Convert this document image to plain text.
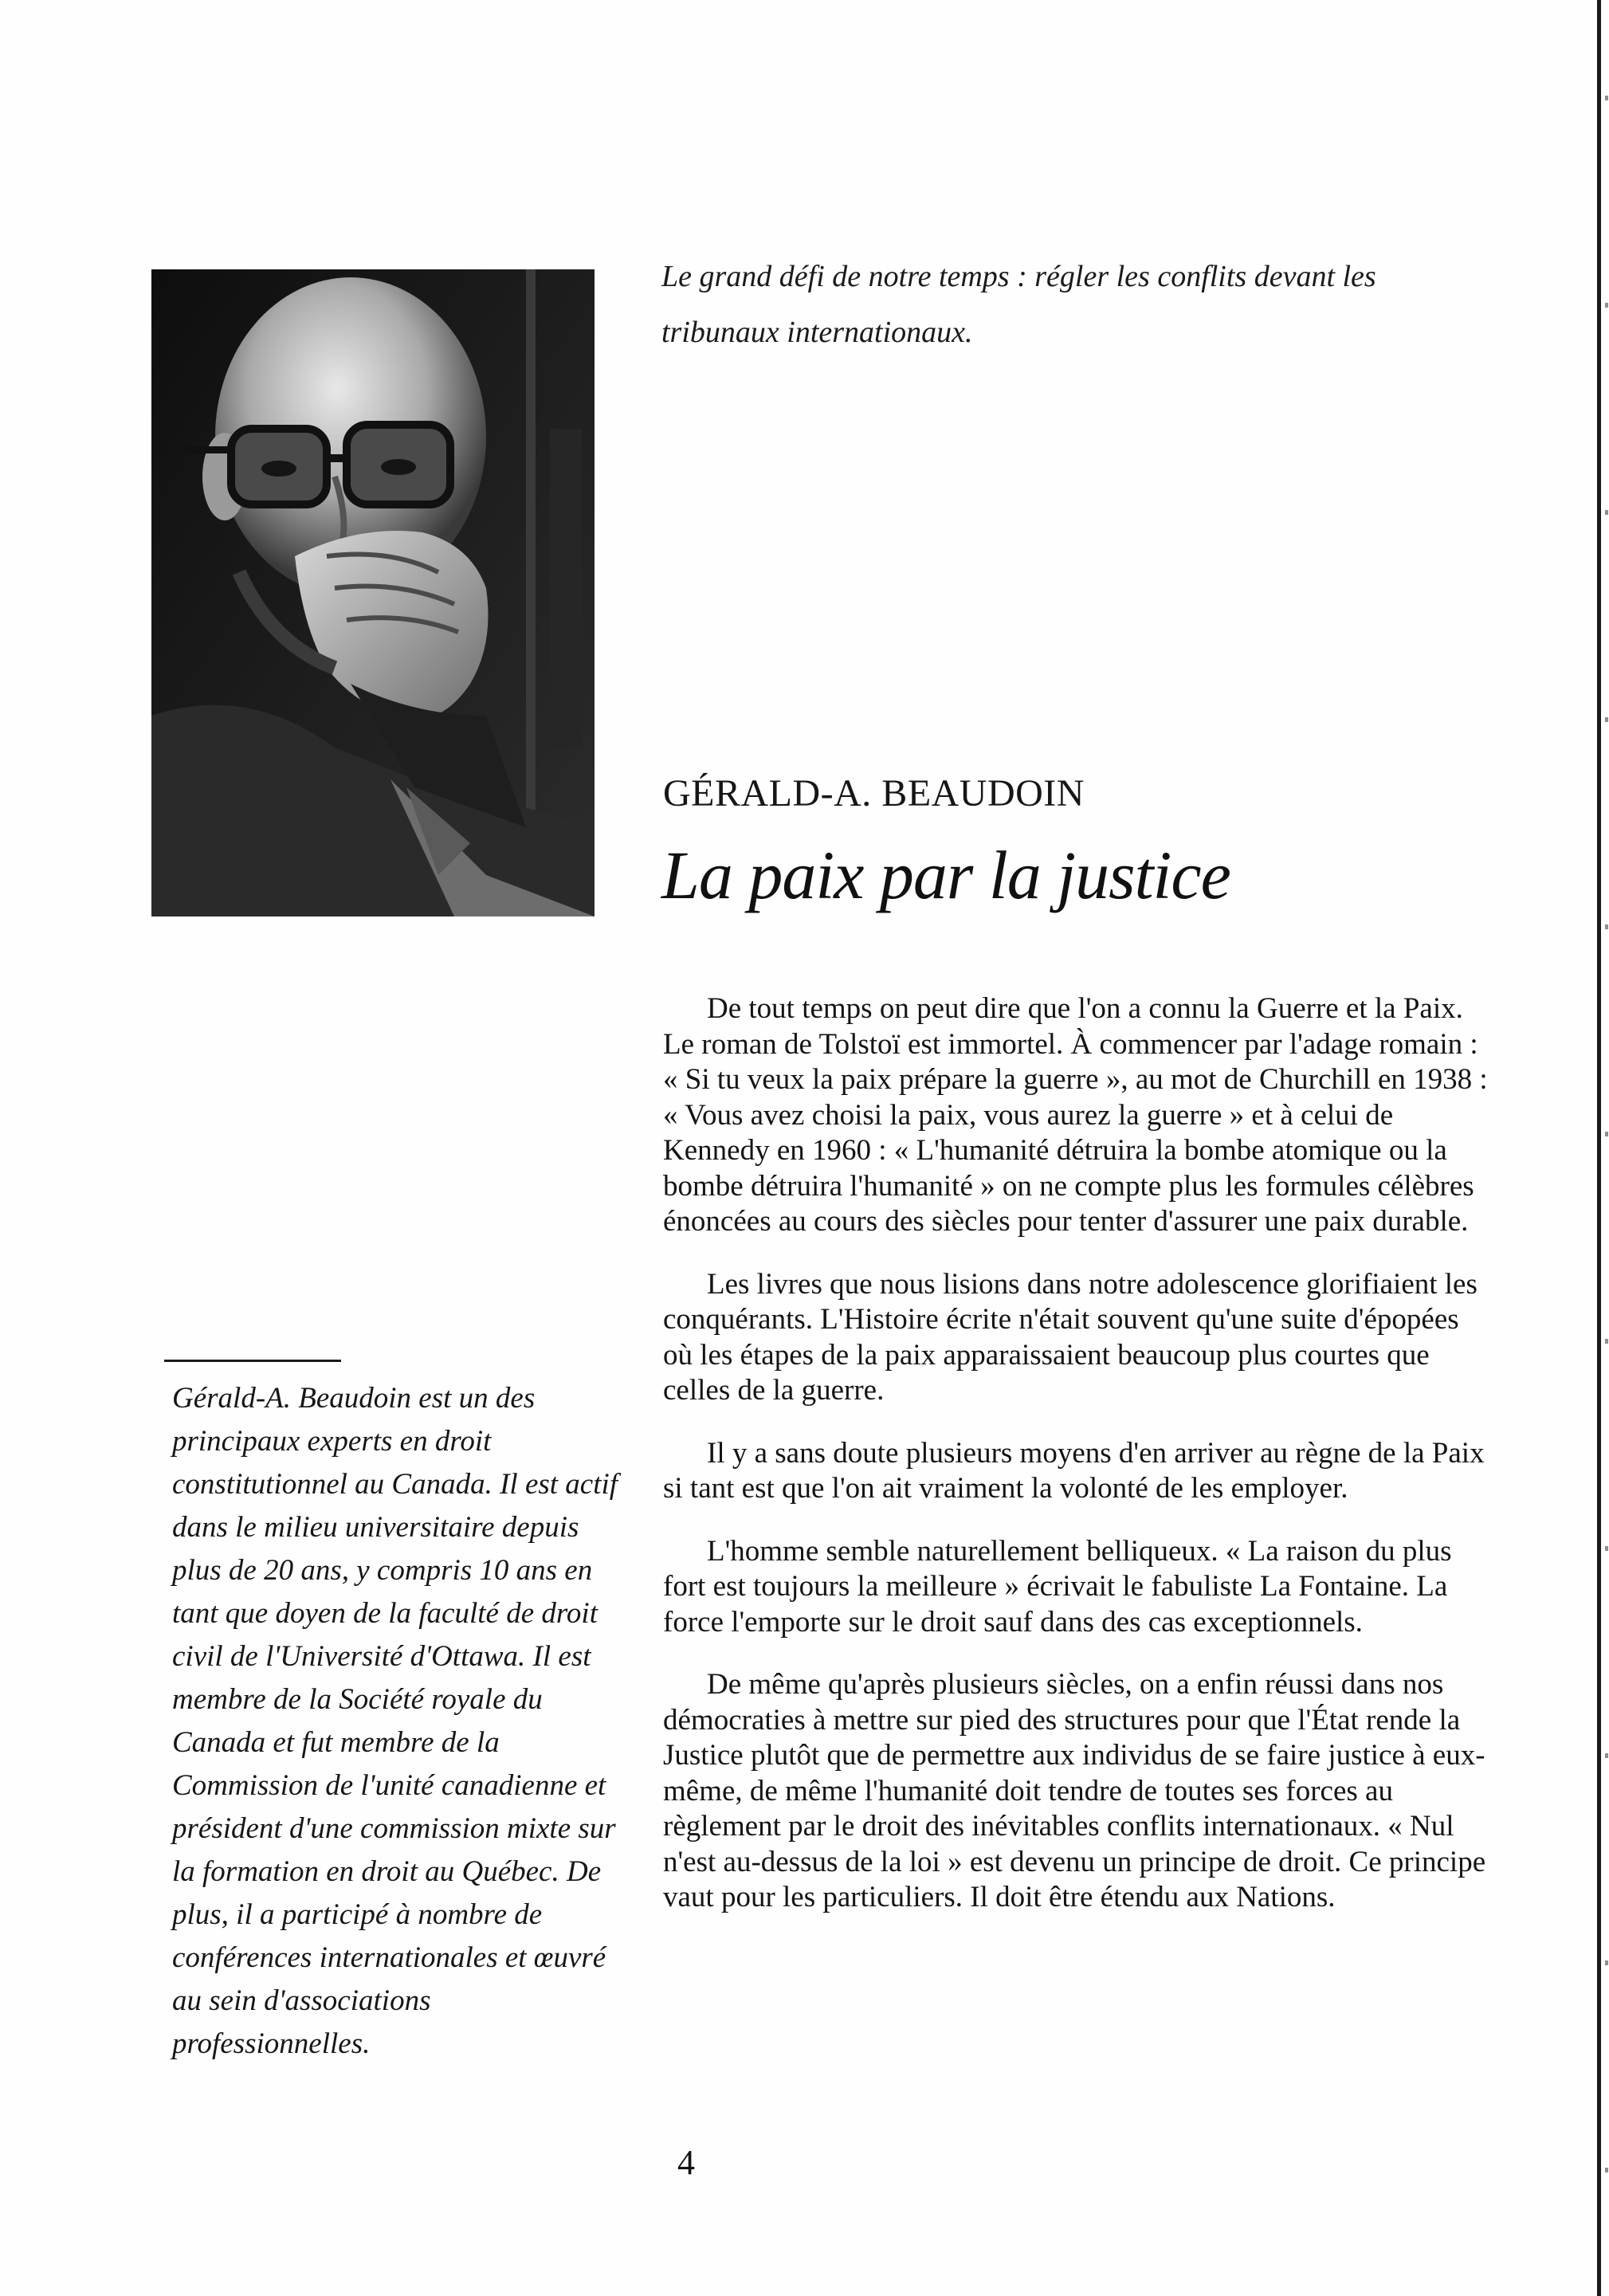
Le grand défi de notre temps : régler les conflits devant les tribunaux internationaux.
GÉRALD-A. BEAUDOIN
La paix par la justice

De tout temps on peut dire que l'on a connu la Guerre et la Paix. Le roman de Tolstoï est immortel. À commencer par l'adage romain : « Si tu veux la paix prépare la guerre », au mot de Churchill en 1938 : « Vous avez choisi la paix, vous aurez la guerre » et à celui de Kennedy en 1960 : « L'humanité détruira la bombe atomique ou la bombe détruira l'humanité » on ne compte plus les formules célèbres énoncées au cours des siècles pour tenter d'assurer une paix durable.

Les livres que nous lisions dans notre adolescence glorifiaient les conquérants. L'Histoire écrite n'était souvent qu'une suite d'épopées où les étapes de la paix apparaissaient beaucoup plus courtes que celles de la guerre.

Il y a sans doute plusieurs moyens d'en arriver au règne de la Paix si tant est que l'on ait vraiment la volonté de les employer.

L'homme semble naturellement belliqueux. « La raison du plus fort est toujours la meilleure » écrivait le fabuliste La Fontaine. La force l'emporte sur le droit sauf dans des cas exceptionnels.

De même qu'après plusieurs siècles, on a enfin réussi dans nos démocraties à mettre sur pied des structures pour que l'État rende la Justice plutôt que de permettre aux individus de se faire justice à eux-même, de même l'humanité doit tendre de toutes ses forces au règlement par le droit des inévitables conflits internationaux. « Nul n'est au-dessus de la loi » est devenu un principe de droit. Ce principe vaut pour les particuliers. Il doit être étendu aux Nations.

Gérald-A. Beaudoin est un des principaux experts en droit constitutionnel au Canada. Il est actif dans le milieu universitaire depuis plus de 20 ans, y compris 10 ans en tant que doyen de la faculté de droit civil de l'Université d'Ottawa. Il est membre de la Société royale du Canada et fut membre de la Commission de l'unité canadienne et président d'une commission mixte sur la formation en droit au Québec. De plus, il a participé à nombre de conférences internationales et œuvré au sein d'associations professionnelles.
4
